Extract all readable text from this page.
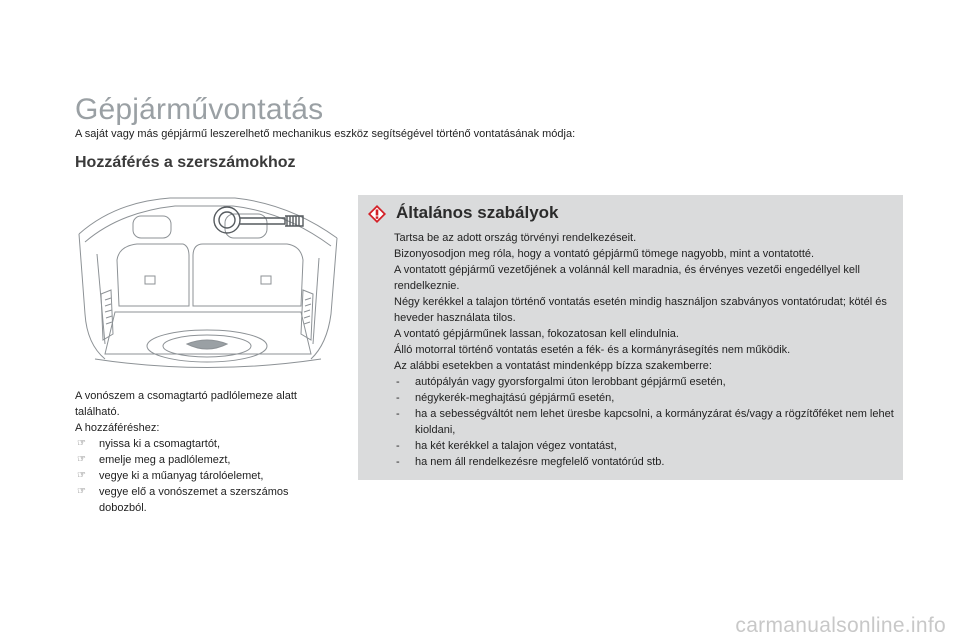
Gépjárművontatás
A saját vagy más gépjármű leszerelhető mechanikus eszköz segítségével történő vontatásának módja:
Hozzáférés a szerszámokhoz

A vonószem a csomagtartó padlólemeze alatt található.

A hozzáféréshez:

☞ nyissa ki a csomagtartót,
☞ emelje meg a padlólemezt,
☞ vegye ki a műanyag tárolóelemet,
☞ vegye elő a vonószemet a szerszámos dobozból.
Általános szabályok

Tartsa be az adott ország törvényi rendelkezéseit.

Bizonyosodjon meg róla, hogy a vontató gépjármű tömege nagyobb, mint a vontatotté.

A vontatott gépjármű vezetőjének a volánnál kell maradnia, és érvényes vezetői engedéllyel kell rendelkeznie.

Négy kerékkel a talajon történő vontatás esetén mindig használjon szabványos vontatórudat; kötél és heveder használata tilos.

A vontató gépjárműnek lassan, fokozatosan kell elindulnia.

Álló motorral történő vontatás esetén a fék- és a kormányrásegítés nem működik.

Az alábbi esetekben a vontatást mindenképp bízza szakemberre:

- autópályán vagy gyorsforgalmi úton lerobbant gépjármű esetén,
- négykerék-meghajtású gépjármű esetén,
- ha a sebességváltót nem lehet üresbe kapcsolni, a kormányzárat és/vagy a rögzítőféket nem lehet kioldani,
- ha két kerékkel a talajon végez vontatást,
- ha nem áll rendelkezésre megfelelő vontatórúd stb.
carmanualsonline.info
